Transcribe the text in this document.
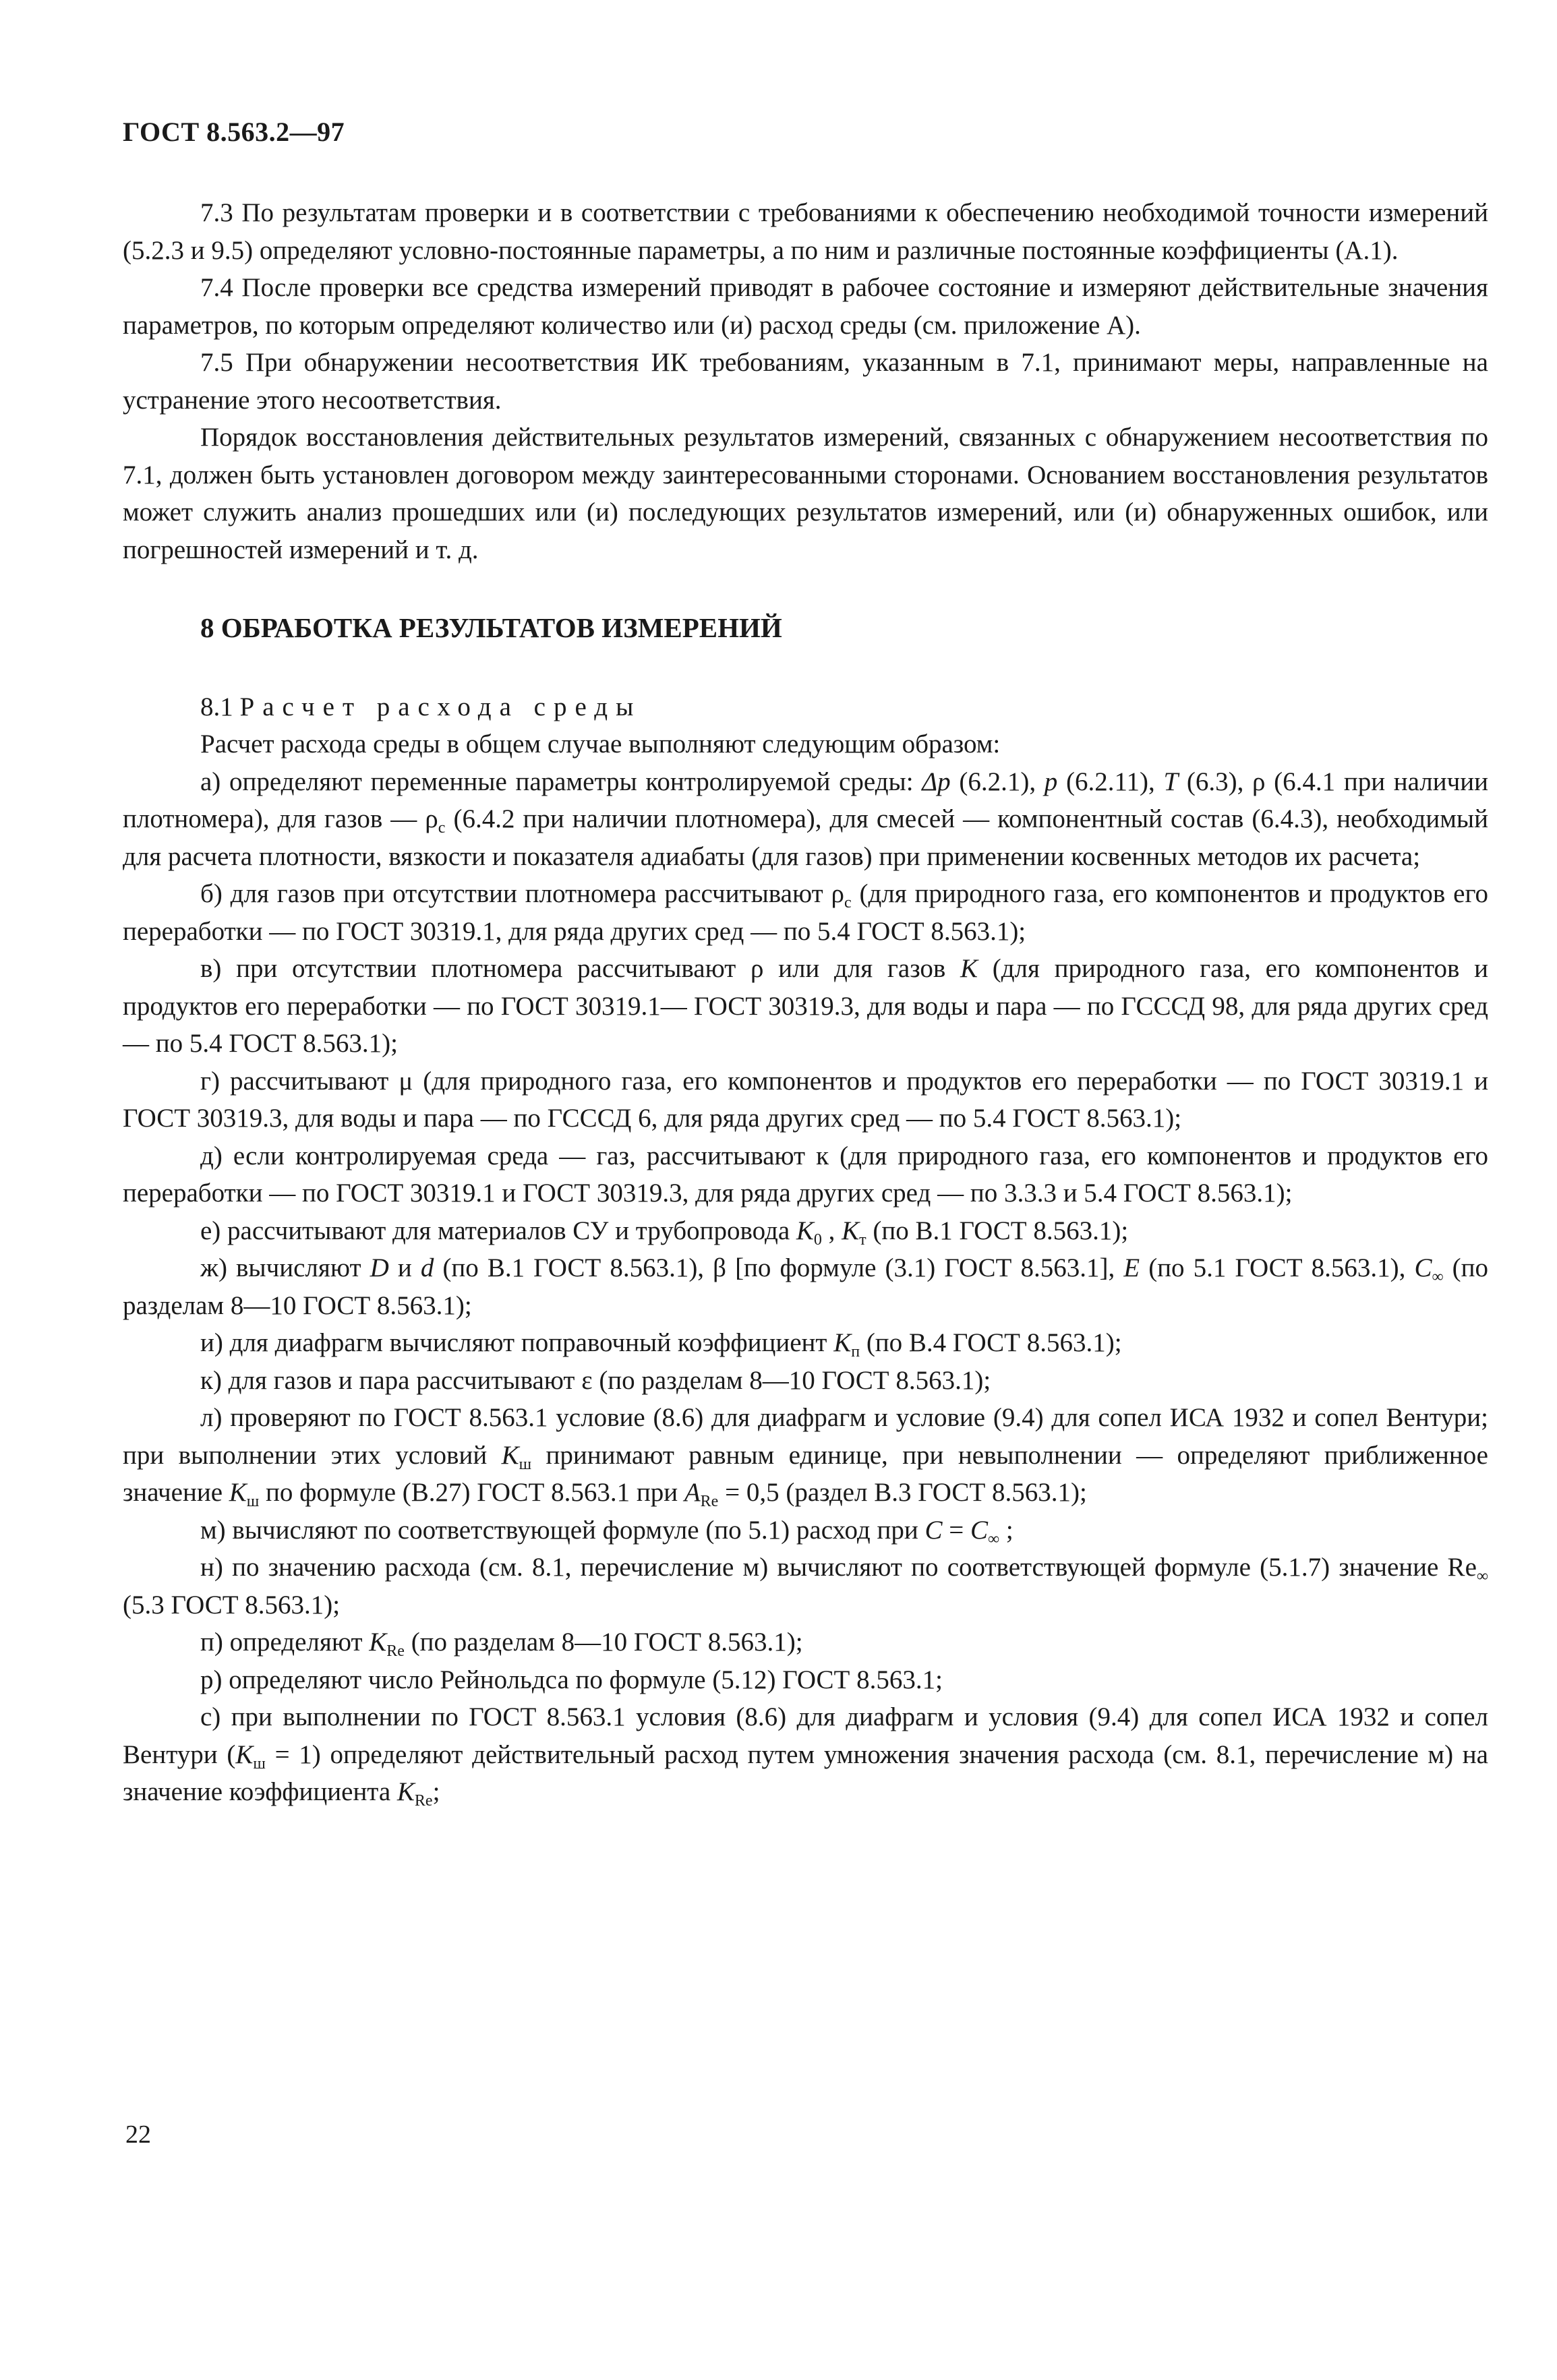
ГОСТ 8.563.2—97

7.3 По результатам проверки и в соответствии с требованиями к обеспечению необходимой точности измерений (5.2.3 и 9.5) определяют условно-постоянные параметры, а по ним и различные постоянные коэффициенты (А.1).

7.4 После проверки все средства измерений приводят в рабочее состояние и измеряют действительные значения параметров, по которым определяют количество или (и) расход среды (см. приложение А).

7.5 При обнаружении несоответствия ИК требованиям, указанным в 7.1, принимают меры, направленные на устранение этого несоответствия.

Порядок восстановления действительных результатов измерений, связанных с обнаружением несоответствия по 7.1, должен быть установлен договором между заинтересованными сторонами. Основанием восстановления результатов может служить анализ прошедших или (и) последующих результатов измерений, или (и) обнаруженных ошибок, или погрешностей измерений и т. д.

8 ОБРАБОТКА РЕЗУЛЬТАТОВ ИЗМЕРЕНИЙ

8.1 Расчет расхода среды

Расчет расхода среды в общем случае выполняют следующим образом:

а) определяют переменные параметры контролируемой среды: Δp (6.2.1), p (6.2.11), T (6.3), ρ (6.4.1 при наличии плотномера), для газов — $\rho_с$ (6.4.2 при наличии плотномера), для смесей — компонентный состав (6.4.3), необходимый для расчета плотности, вязкости и показателя адиабаты (для газов) при применении косвенных методов их расчета;

б) для газов при отсутствии плотномера рассчитывают $\rho_с$ (для природного газа, его компонентов и продуктов его переработки — по ГОСТ 30319.1, для ряда других сред — по 5.4 ГОСТ 8.563.1);

в) при отсутствии плотномера рассчитывают ρ или для газов K (для природного газа, его компонентов и продуктов его переработки — по ГОСТ 30319.1— ГОСТ 30319.3, для воды и пара — по ГСССД 98, для ряда других сред — по 5.4 ГОСТ 8.563.1);

г) рассчитывают μ (для природного газа, его компонентов и продуктов его переработки — по ГОСТ 30319.1 и ГОСТ 30319.3, для воды и пара — по ГСССД 6, для ряда других сред — по 5.4 ГОСТ 8.563.1);

д) если контролируемая среда — газ, рассчитывают к (для природного газа, его компонентов и продуктов его переработки — по ГОСТ 30319.1 и ГОСТ 30319.3, для ряда других сред — по 3.3.3 и 5.4 ГОСТ 8.563.1);

е) рассчитывают для материалов СУ и трубопровода $K_0$ , $K_т$ (по В.1 ГОСТ 8.563.1);

ж) вычисляют D и d (по В.1 ГОСТ 8.563.1), β [по формуле (3.1) ГОСТ 8.563.1], E (по 5.1 ГОСТ 8.563.1), $C_\infty$ (по разделам 8—10 ГОСТ 8.563.1);

и) для диафрагм вычисляют поправочный коэффициент $K_п$ (по В.4 ГОСТ 8.563.1);

к) для газов и пара рассчитывают ε (по разделам 8—10 ГОСТ 8.563.1);

л) проверяют по ГОСТ 8.563.1 условие (8.6) для диафрагм и условие (9.4) для сопел ИСА 1932 и сопел Вентури; при выполнении этих условий $K_ш$ принимают равным единице, при невыполнении — определяют приближенное значение $K_ш$ по формуле (В.27) ГОСТ 8.563.1 при $A_{Re} = 0,5$ (раздел В.3 ГОСТ 8.563.1);

м) вычисляют по соответствующей формуле (по 5.1) расход при $C = C_\infty$ ;

н) по значению расхода (см. 8.1, перечисление м) вычисляют по соответствующей формуле (5.1.7) значение $Re_\infty$ (5.3 ГОСТ 8.563.1);

п) определяют $K_{Re}$ (по разделам 8—10 ГОСТ 8.563.1);

р) определяют число Рейнольдса по формуле (5.12) ГОСТ 8.563.1;

с) при выполнении по ГОСТ 8.563.1 условия (8.6) для диафрагм и условия (9.4) для сопел ИСА 1932 и сопел Вентури $(K_ш = 1)$ определяют действительный расход путем умножения значения расхода (см. 8.1, перечисление м) на значение коэффициента $K_{Re}$;

22
